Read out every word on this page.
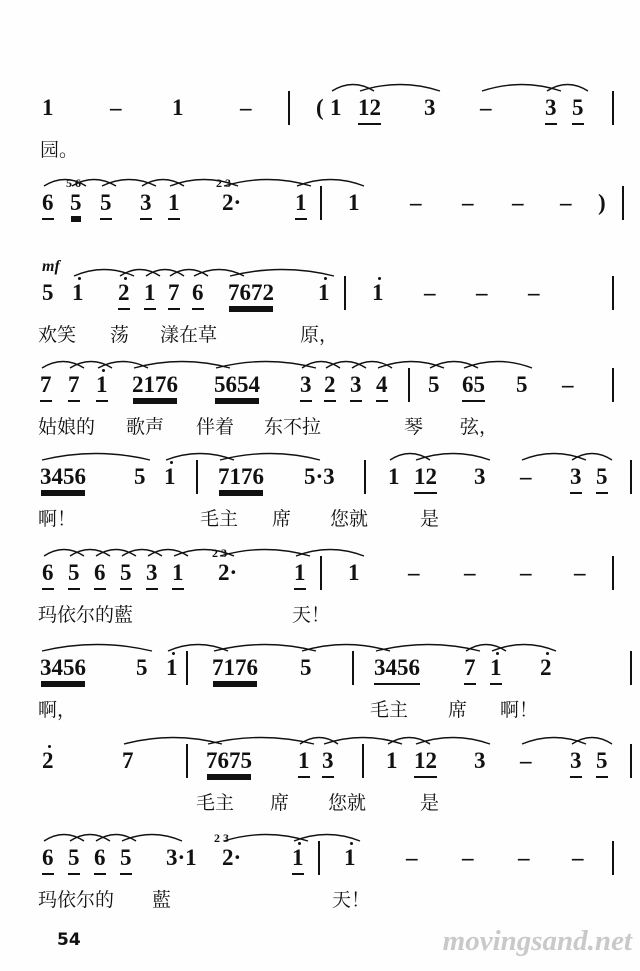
1 – 1 –	( 1 12 3 – 3 5
园。
6 5 5 3 1 2· 1 1 – – – – )
5 6	2 3
5 1 2 1 7 6 7672 1 1 – – –
欢笑 荡 漾在草	原，
7 7 1 2176 5654 3 2 3 4 5 65 5 –
姑娘的 歌声 伴着 东不拉	琴 弦，
3456 5 1 7176 5·3 1 12 3 – 3 5
啊！	毛主 席 您就	是
6 5 6 5 3 1 2· 1 1 – – – –
2 3
玛依尔的藍	天！
3456 5 1 7176 5	3456 7 1 2
啊，	毛主 席 啊！
2	7	7675 1 3 1 12 3 – 3 5
毛主 席 您就	是
6 5 6 5 3·1 2· 1 1 – – – –
2 3
玛依尔的 藍	天！
54	movingsand.net
mf
